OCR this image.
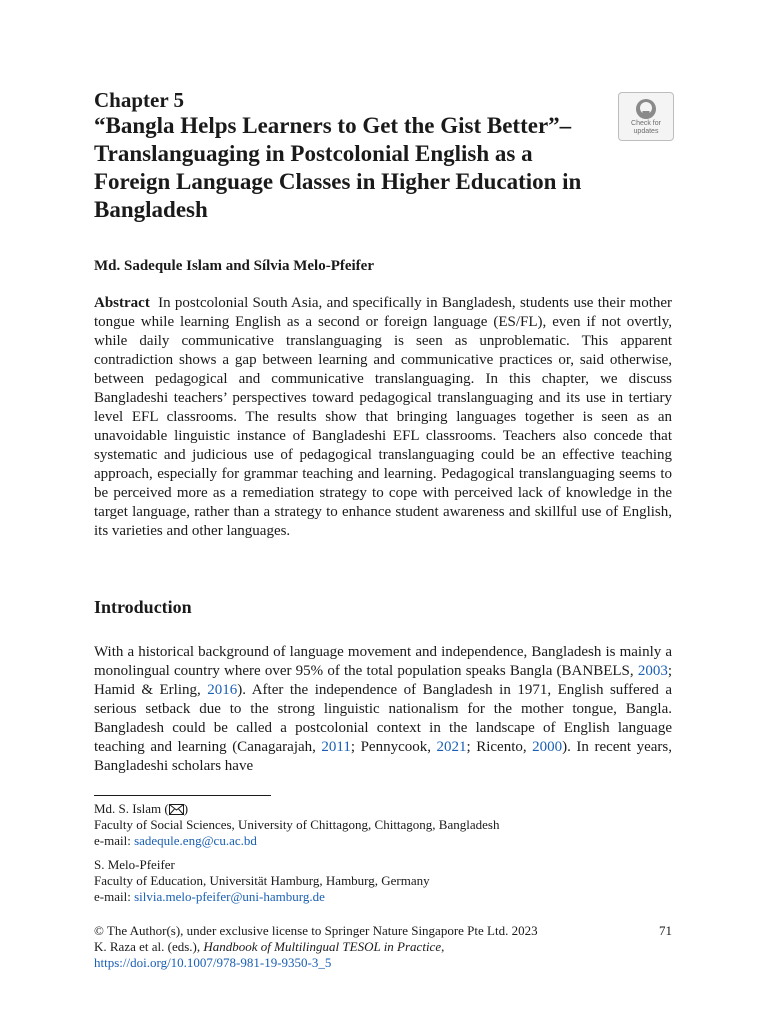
Chapter 5

“Bangla Helps Learners to Get the Gist Better”–Translanguaging in Postcolonial English as a Foreign Language Classes in Higher Education in Bangladesh

Check for
updates
Md. Sadequle Islam and Sílvia Melo-Pfeifer

Abstract In postcolonial South Asia, and specifically in Bangladesh, students use their mother tongue while learning English as a second or foreign language (ES/FL), even if not overtly, while daily communicative translanguaging is seen as unproblematic. This apparent contradiction shows a gap between learning and communicative practices or, said otherwise, between pedagogical and communicative translanguaging. In this chapter, we discuss Bangladeshi teachers’ perspectives toward pedagogical translanguaging and its use in tertiary level EFL classrooms. The results show that bringing languages together is seen as an unavoidable linguistic instance of Bangladeshi EFL classrooms. Teachers also concede that systematic and judicious use of pedagogical translanguaging could be an effective teaching approach, especially for grammar teaching and learning. Pedagogical translanguaging seems to be perceived more as a remediation strategy to cope with perceived lack of knowledge in the target language, rather than a strategy to enhance student awareness and skillful use of English, its varieties and other languages.

Introduction

With a historical background of language movement and independence, Bangladesh is mainly a monolingual country where over 95% of the total population speaks Bangla (BANBELS, 2003; Hamid & Erling, 2016). After the independence of Bangladesh in 1971, English suffered a serious setback due to the strong linguistic nationalism for the mother tongue, Bangla. Bangladesh could be called a postcolonial context in the landscape of English language teaching and learning (Canagarajah, 2011; Pennycook, 2021; Ricento, 2000). In recent years, Bangladeshi scholars have

Md. S. Islam ( )
Faculty of Social Sciences, University of Chittagong, Chittagong, Bangladesh
e-mail: sadequle.eng@cu.ac.bd
S. Melo-Pfeifer
Faculty of Education, Universität Hamburg, Hamburg, Germany
e-mail: silvia.melo-pfeifer@uni-hamburg.de
© The Author(s), under exclusive license to Springer Nature Singapore Pte Ltd. 2023
K. Raza et al. (eds.), Handbook of Multilingual TESOL in Practice,
https://doi.org/10.1007/978-981-19-9350-3_5
71
